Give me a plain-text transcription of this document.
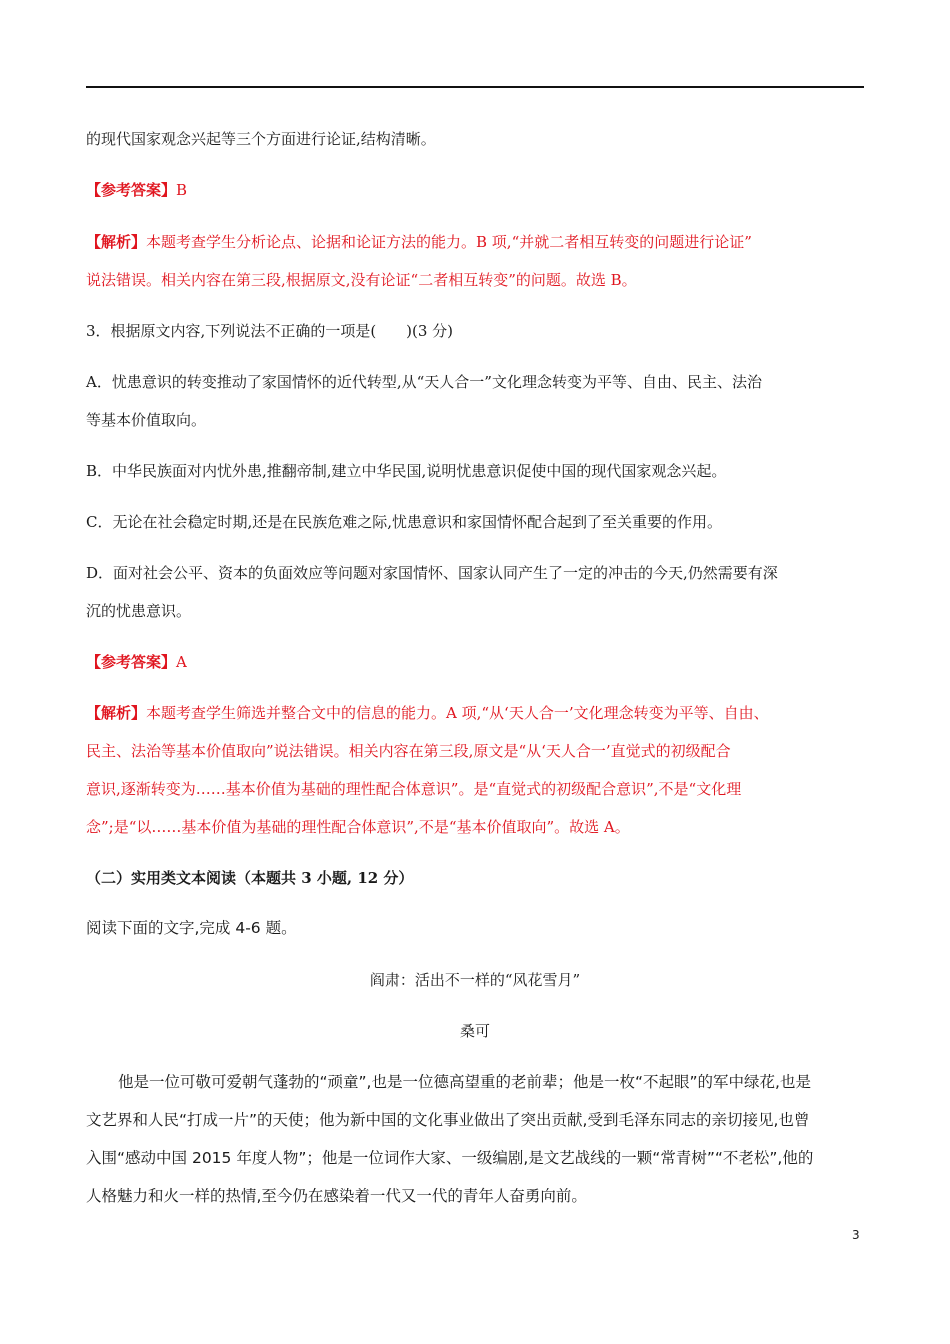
的现代国家观念兴起等三个方面进行论证,结构清晰。
【参考答案】B
【解析】本题考查学生分析论点、论据和论证方法的能力。B 项,“并就二者相互转变的问题进行论证”
说法错误。相关内容在第三段,根据原文,没有论证“二者相互转变”的问题。故选 B。
3．根据原文内容,下列说法不正确的一项是(　　)(3 分)
A．忧患意识的转变推动了家国情怀的近代转型,从“天人合一”文化理念转变为平等、自由、民主、法治
等基本价值取向。
B．中华民族面对内忧外患,推翻帝制,建立中华民国,说明忧患意识促使中国的现代国家观念兴起。
C．无论在社会稳定时期,还是在民族危难之际,忧患意识和家国情怀配合起到了至关重要的作用。
D．面对社会公平、资本的负面效应等问题对家国情怀、国家认同产生了一定的冲击的今天,仍然需要有深
沉的忧患意识。
【参考答案】A
【解析】本题考查学生筛选并整合文中的信息的能力。A 项,“从‘天人合一’文化理念转变为平等、自由、
民主、法治等基本价值取向”说法错误。相关内容在第三段,原文是“从‘天人合一’直觉式的初级配合
意识,逐渐转变为……基本价值为基础的理性配合体意识”。是“直觉式的初级配合意识”,不是“文化理
念”;是“以……基本价值为基础的理性配合体意识”,不是“基本价值取向”。故选 A。
（二）实用类文本阅读（本题共 3 小题, 12 分）
阅读下面的文字,完成 4-6 题。
阎肃：活出不一样的“风花雪月”
桑可
他是一位可敬可爱朝气蓬勃的“顽童”,也是一位德高望重的老前辈；他是一枚“不起眼”的军中绿花,也是
文艺界和人民“打成一片”的天使；他为新中国的文化事业做出了突出贡献,受到毛泽东同志的亲切接见,也曾
入围“感动中国 2015 年度人物”；他是一位词作大家、一级编剧,是文艺战线的一颗“常青树”“不老松”,他的
人格魅力和火一样的热情,至今仍在感染着一代又一代的青年人奋勇向前。
3
